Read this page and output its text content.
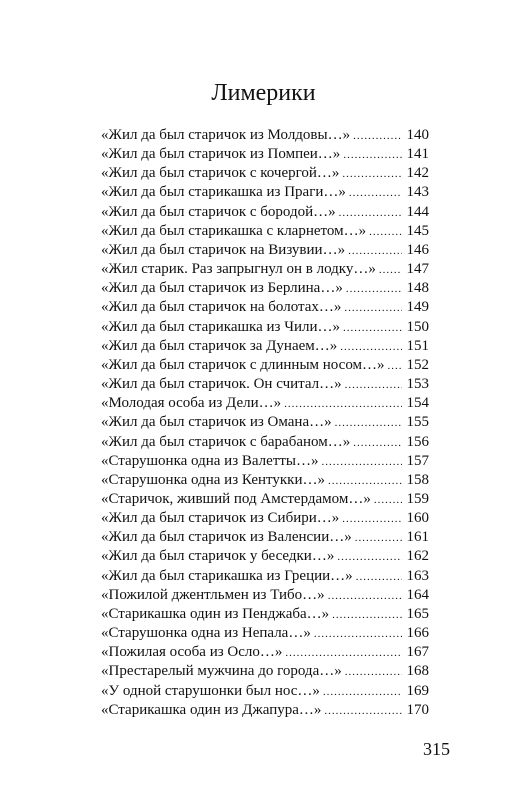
Лимерики
«Жил да был старичок из Молдовы…» .....	140
«Жил да был старичок из Помпеи…» .....	141
«Жил да был старичок с кочергой…» .....	142
«Жил да был старикашка из Праги…» .....	143
«Жил да был старичок с бородой…» .....	144
«Жил да был старикашка с кларнетом…» .....	145
«Жил да был старичок на Визувии…» .....	146
«Жил старик. Раз запрыгнул он в лодку…» ..... 147
«Жил да был старичок из Берлина…» .....	148
«Жил да был старичок на болотах…» .....	149
«Жил да был старикашка из Чили…» .....	150
«Жил да был старичок за Дунаем…» .....	151
«Жил да был старичок с длинным носом…» ..... 152
«Жил да был старичок. Он считал…» .....	153
«Молодая особа из Дели…» .....	154
«Жил да был старичок из Омана…» .....	155
«Жил да был старичок с барабаном…» .....	156
«Старушонка одна из Валетты…» .....	157
«Старушонка одна из Кентукки…» .....	158
«Старичок, живший под Амстердамом…» ..... 159
«Жил да был старичок из Сибири…» .....	160
«Жил да был старичок из Валенсии…» .....	161
«Жил да был старичок у беседки…» .....	162
«Жил да был старикашка из Греции…» .....	163
«Пожилой джентльмен из Тибо…» .....	164
«Старикашка один из Пенджаба…» .....	165
«Старушонка одна из Непала…» .....	166
«Пожилая особа из Осло…» .....	167
«Престарелый мужчина до города…» .....	168
«У одной старушонки был нос…» .....	169
«Старикашка один из Джапура…» .....	170
315
